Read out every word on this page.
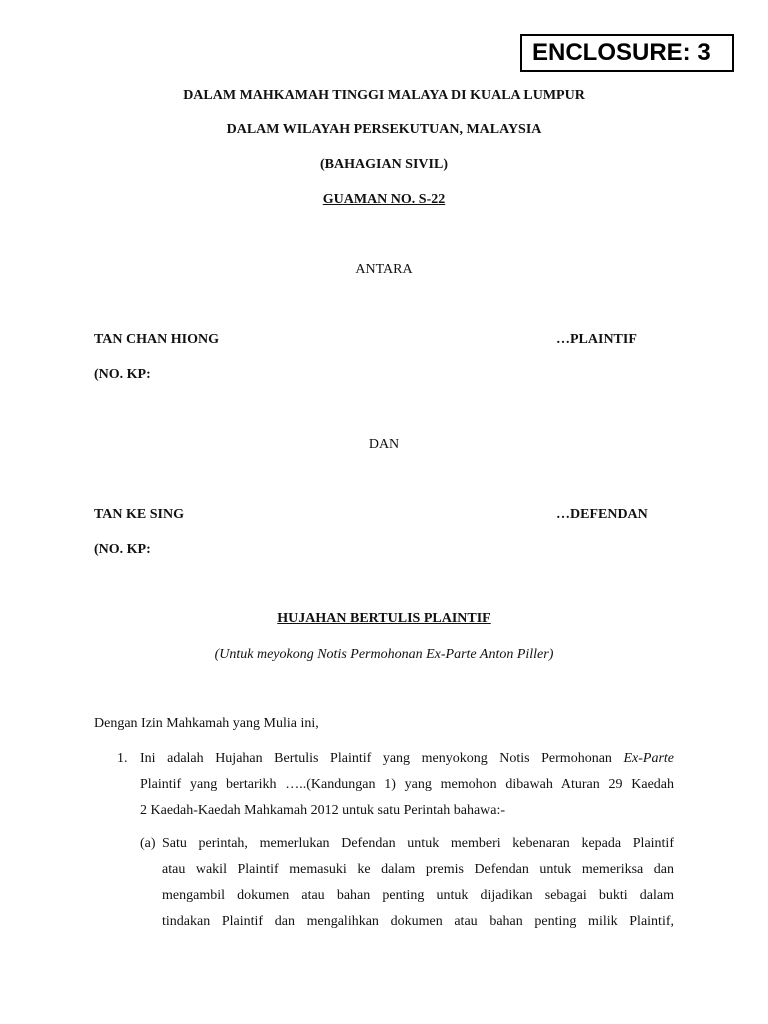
ENCLOSURE: 3
DALAM MAHKAMAH TINGGI MALAYA DI KUALA LUMPUR
DALAM WILAYAH PERSEKUTUAN, MALAYSIA
(BAHAGIAN SIVIL)
GUAMAN NO. S-22
ANTARA
TAN CHAN HIONG	…PLAINTIF
(NO. KP:
DAN
TAN KE SING	…DEFENDAN
(NO. KP:
HUJAHAN BERTULIS PLAINTIF
(Untuk meyokong Notis Permohonan Ex-Parte Anton Piller)
Dengan Izin Mahkamah yang Mulia ini,
1. Ini adalah Hujahan Bertulis Plaintif yang menyokong Notis Permohonan Ex-Parte
Plaintif yang bertarikh …..(Kandungan 1) yang memohon dibawah Aturan 29 Kaedah
2 Kaedah-Kaedah Mahkamah 2012 untuk satu Perintah bahawa:-
(a) Satu perintah, memerlukan Defendan untuk memberi kebenaran kepada Plaintif
atau wakil Plaintif memasuki ke dalam premis Defendan untuk memeriksa dan
mengambil dokumen atau bahan penting untuk dijadikan sebagai bukti dalam
tindakan Plaintif dan mengalihkan dokumen atau bahan penting milik Plaintif,
